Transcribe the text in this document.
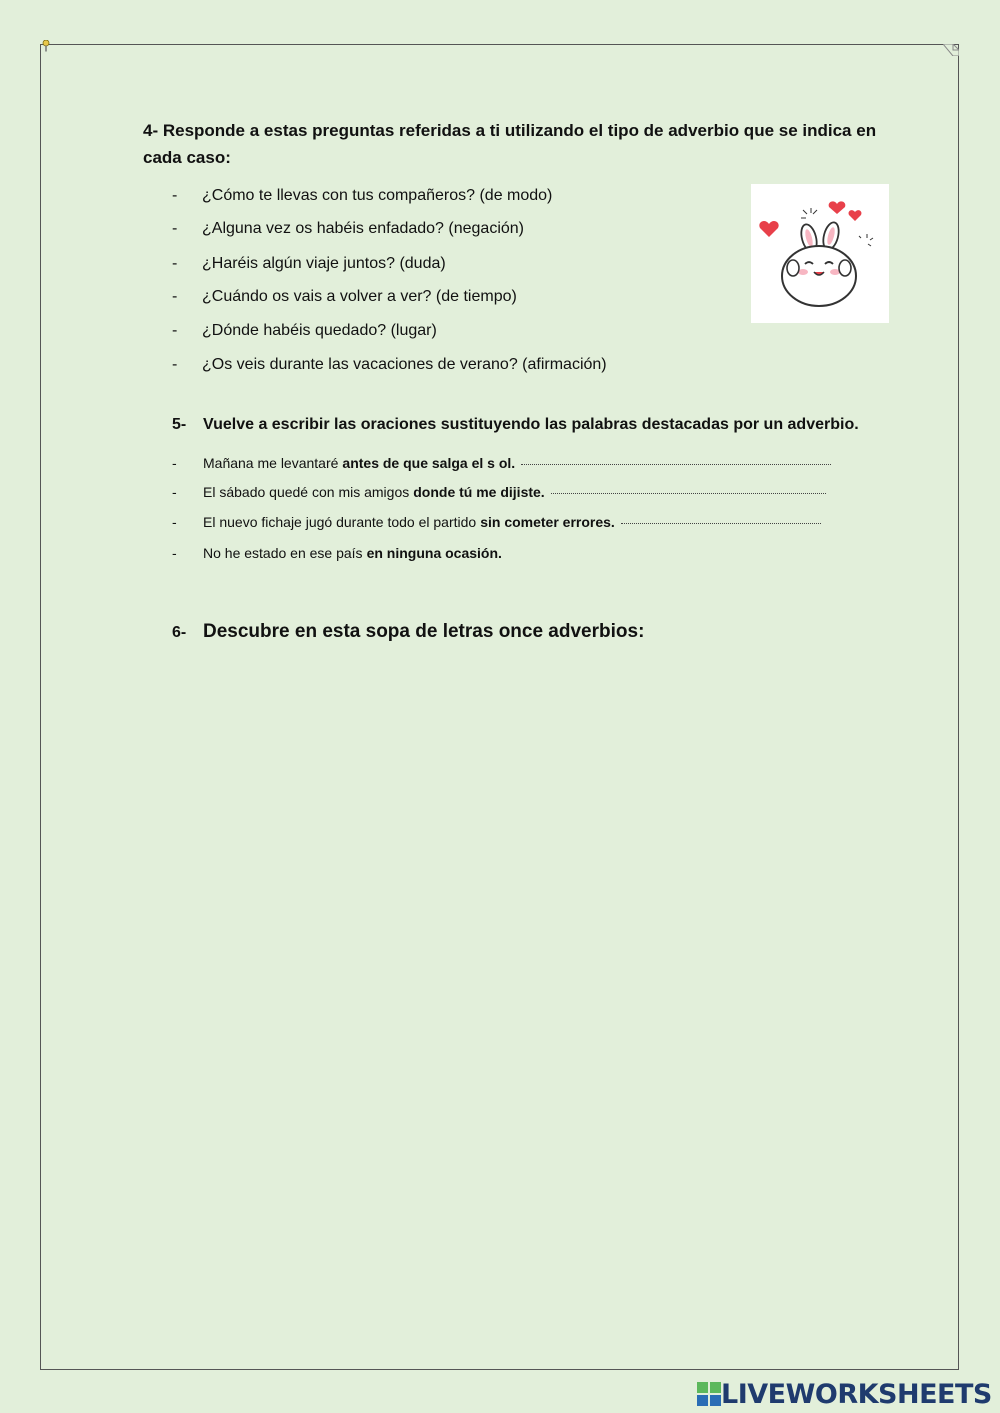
4- Responde a estas preguntas referidas a ti utilizando el tipo de adverbio que se indica en
cada caso:
- ¿Cómo te llevas con tus compañeros? (de modo)
- ¿Alguna vez os habéis enfadado? (negación)
- ¿Haréis algún viaje juntos? (duda)
- ¿Cuándo os vais a volver a ver? (de tiempo)
- ¿Dónde habéis quedado? (lugar)
- ¿Os veis durante las vacaciones de verano? (afirmación)
5- Vuelve a escribir las oraciones sustituyendo las palabras destacadas por un adverbio.
- Mañana me levantaré antes de que salga el s ol.
- El sábado quedé con mis amigos donde tú me dijiste.
- El nuevo fichaje jugó durante todo el partido sin cometer errores.
- No he estado en ese país en ninguna ocasión.
6- Descubre en esta sopa de letras once adverbios:
LIVEWORKSHEETS
